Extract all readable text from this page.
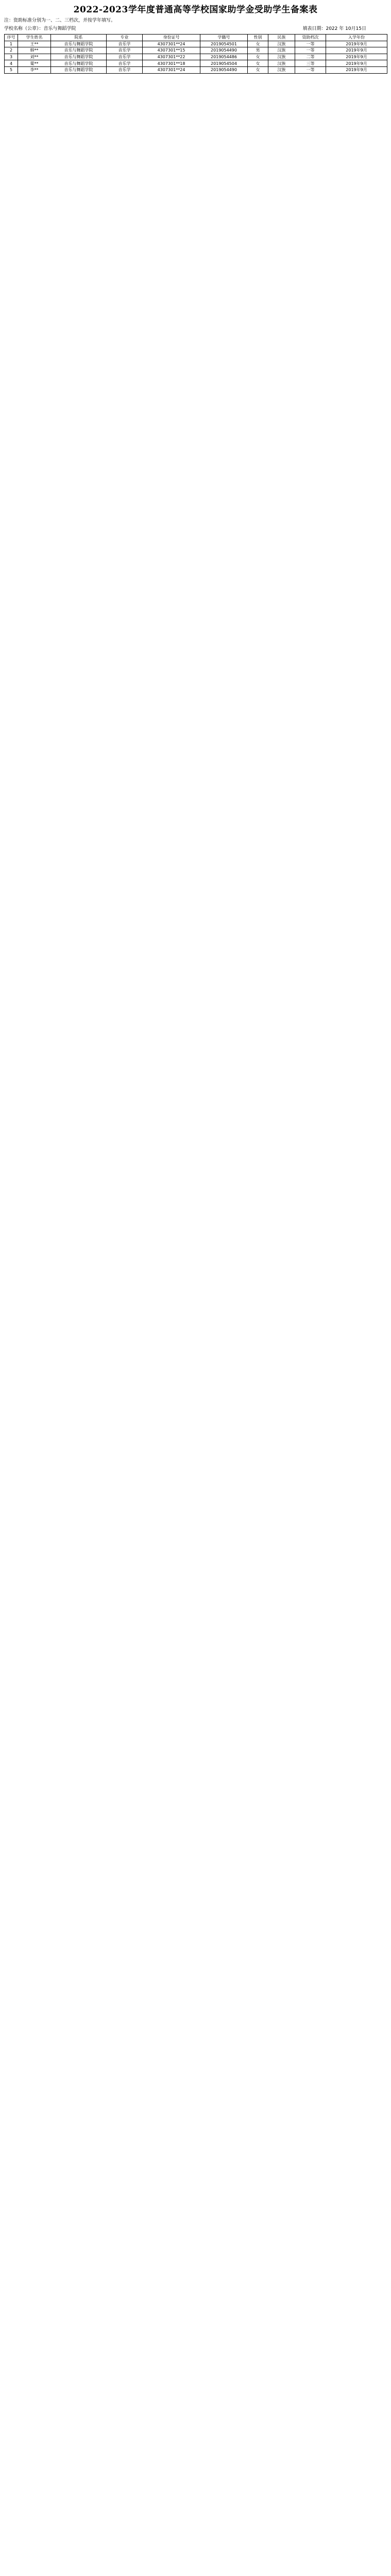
2022-2023学年度普通高等学校国家助学金受助学生备案表
注：资助标准分别为一、二、三档次，并按学年填写。
学校名称（公章）：音乐与舞蹈学院	填表日期：2022 年 10月15日
序号	学生姓名	院系	专业	身份证号	学籍号	性别	民族	资助档次	入学年份
1	王**	音乐与舞蹈学院	音乐学	4307301**24	2019054501	女	汉族	一等	2019年9月
2	韩**	音乐与舞蹈学院	音乐学	4307301**15	2019054490	男	汉族	一等	2019年9月
3	刘**	音乐与舞蹈学院	音乐学	4307301**22	2019054486	女	汉族	二等	2019年9月
4	粟**	音乐与舞蹈学院	音乐学	4307301**18	2019054504	女	汉族	三等	2019年9月
5	李**	音乐与舞蹈学院	音乐学	4307301**24	2019054490	女	汉族	一等	2019年9月
